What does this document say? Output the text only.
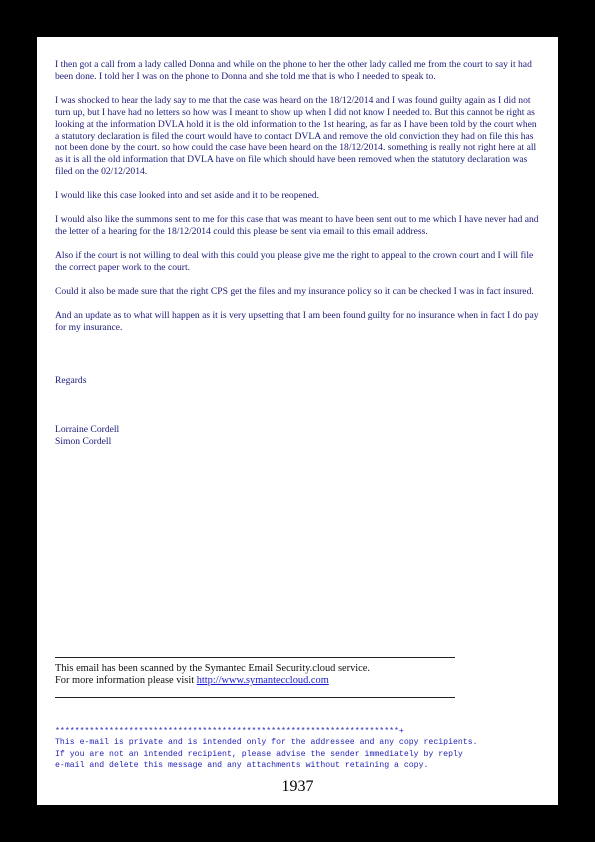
I then got a call from a lady called Donna and while on the phone to her the other lady called me from the court to say it had been done. I told her I was on the phone to Donna and she told me that is who I needed to speak to.

I was shocked to hear the lady say to me that the case was heard on the 18/12/2014 and I was found guilty again as I did not turn up, but I have had no letters so how was I meant to show up when I did not know I needed to. But this cannot be right as looking at the information DVLA hold it is the old information to the 1st hearing, as far as I have been told by the court when a statutory declaration is filed the court would have to contact DVLA and remove the old conviction they had on file this has not been done by the court. so how could the case have been heard on the 18/12/2014. something is really not right here at all as it is all the old information that DVLA have on file which should have been removed when the statutory declaration was filed on the 02/12/2014.

I would like this case looked into and set aside and it to be reopened.

I would also like the summons sent to me for this case that was meant to have been sent out to me which I have never had and the letter of a hearing for the 18/12/2014 could this please be sent via email to this email address.

Also if the court is not willing to deal with this could you please give me the right to appeal to the crown court and I will file the correct paper work to the court.

Could it also be made sure that the right CPS get the files and my insurance policy so it can be checked I was in fact insured.

And an update as to what will happen as it is very upsetting that I am been found guilty for no insurance when in fact I do pay for my insurance.

Regards
Lorraine Cordell
Simon Cordell
This email has been scanned by the Symantec Email Security.cloud service.
For more information please visit http://www.symanteccloud.com
**********************************************************************+
This e-mail is private and is intended only for the addressee and any copy recipients.
If you are not an intended recipient, please advise the sender immediately by reply
e-mail and delete this message and any attachments without retaining a copy.
1937
